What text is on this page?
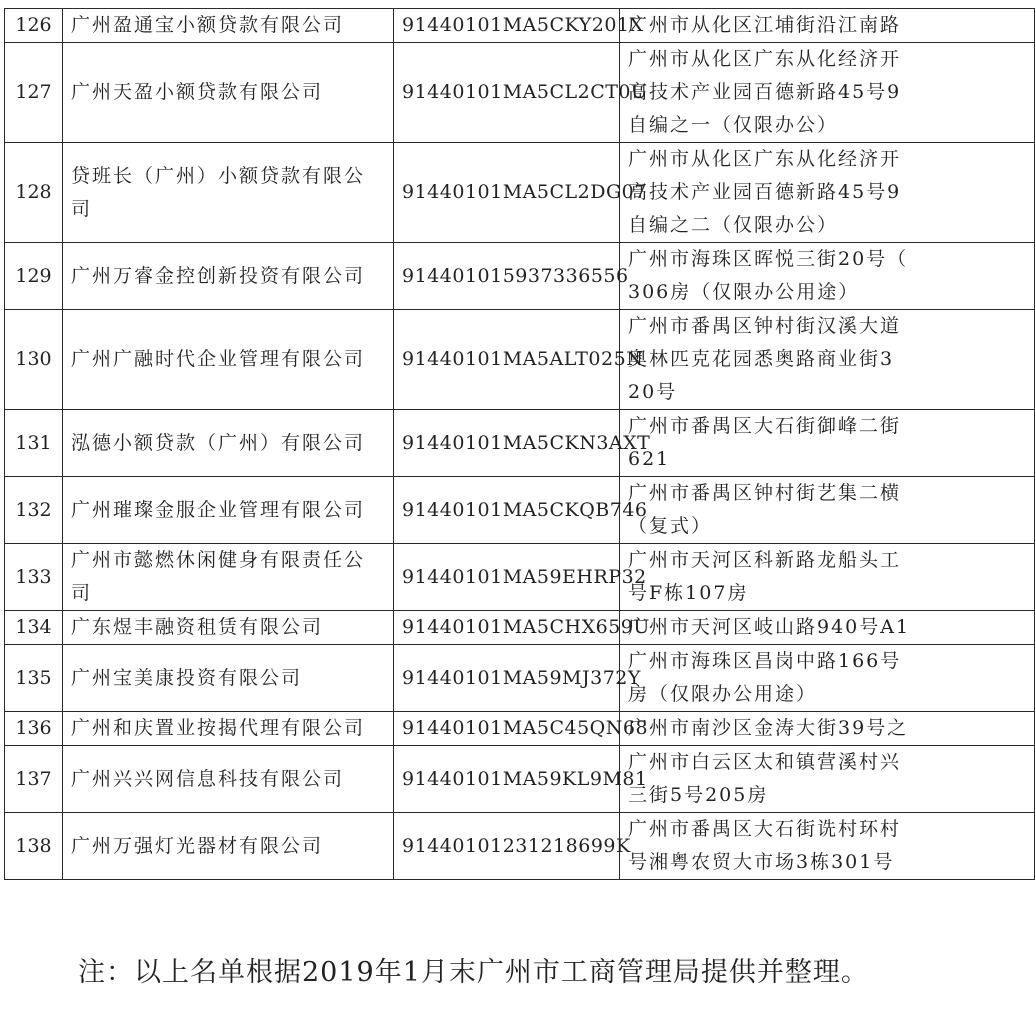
126	广州盈通宝小额贷款有限公司	91440101MA5CKY201X	广州市从化区江埔街沿江南路

127	广州天盈小额贷款有限公司	91440101MA5CL2CT0U	广州市从化区广东从化经济开
高技术产业园百德新路45号9
自编之一（仅限办公）

128	贷班长（广州）小额贷款有限公司	91440101MA5CL2DG07	广州市从化区广东从化经济开
高技术产业园百德新路45号9
自编之二（仅限办公）

129	广州万睿金控创新投资有限公司	914401015937336556	广州市海珠区晖悦三街20号（
306房（仅限办公用途）

130	广州广融时代企业管理有限公司	91440101MA5ALT025N	广州市番禺区钟村街汉溪大道
奥林匹克花园悉奥路商业街3
20号

131	泓德小额贷款（广州）有限公司	91440101MA5CKN3AXT	广州市番禺区大石街御峰二街
621

132	广州璀璨金服企业管理有限公司	91440101MA5CKQB746	广州市番禺区钟村街艺集二横
（复式）

133	广州市懿燃休闲健身有限责任公司	91440101MA59EHRP32	广州市天河区科新路龙船头工
号F栋107房

134	广东煜丰融资租赁有限公司	91440101MA5CHX659U	广州市天河区岐山路940号A1

135	广州宝美康投资有限公司	91440101MA59MJ372Y	广州市海珠区昌岗中路166号
房（仅限办公用途）

136	广州和庆置业按揭代理有限公司	91440101MA5C45QN68	广州市南沙区金涛大街39号之

137	广州兴兴网信息科技有限公司	91440101MA59KL9M81	广州市白云区太和镇营溪村兴
三街5号205房

138	广州万强灯光器材有限公司	91440101231218699K	广州市番禺区大石街诜村环村
号湘粤农贸大市场3栋301号
注：以上名单根据2019年1月末广州市工商管理局提供并整理。
